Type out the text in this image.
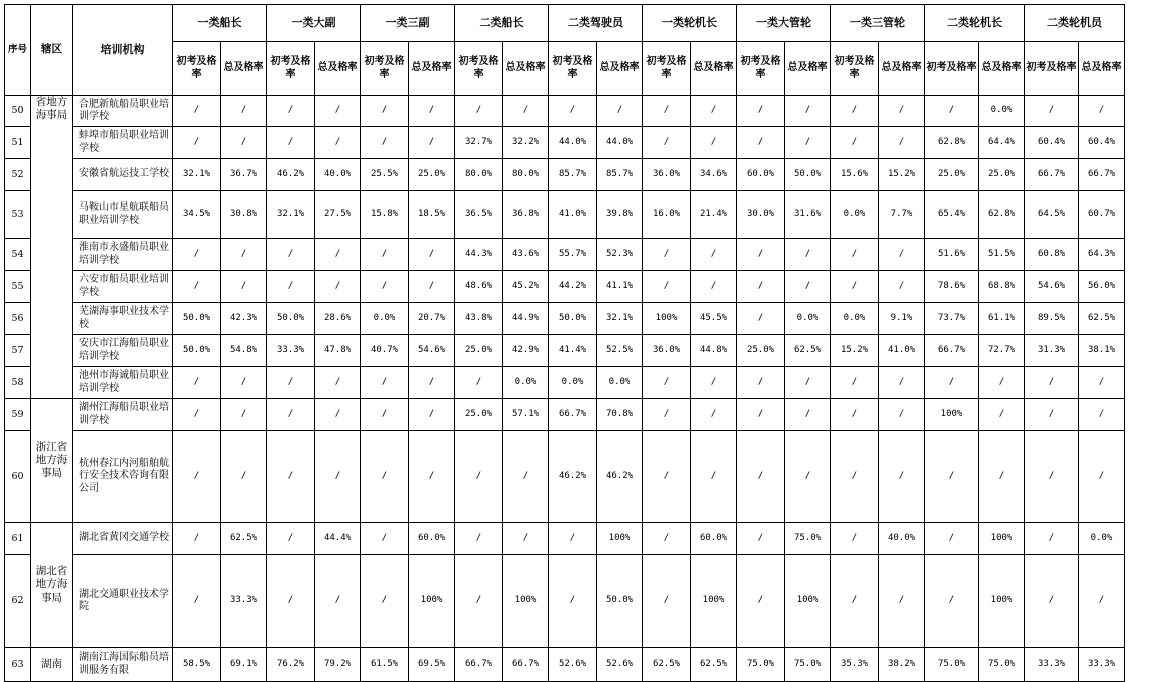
序号	辖区	培训机构	一类船长		一类大副		一类三副		二类船长		二类驾驶员		一类轮机长		一类大管轮		一类三管轮		二类轮机长		二类轮机员	
			初考及格率	总及格率	初考及格率	总及格率	初考及格率	总及格率	初考及格率	总及格率	初考及格率	总及格率	初考及格率	总及格率	初考及格率	总及格率	初考及格率	总及格率	初考及格率	总及格率	初考及格率	总及格率
50	省地方海事局	合肥新航船员职业培训学校	/	/	/	/	/	/	/	/	/	/	/	/	/	/	/	/	/	0.0%	/	/
51		蚌埠市船员职业培训学校	/	/	/	/	/	/	32.7%	32.2%	44.0%	44.0%	/	/	/	/	/	/	62.8%	64.4%	60.4%	60.4%
52		安徽省航运技工学校	32.1%	36.7%	46.2%	40.0%	25.5%	25.0%	80.0%	80.0%	85.7%	85.7%	36.0%	34.6%	60.0%	50.0%	15.6%	15.2%	25.0%	25.0%	66.7%	66.7%
53		马鞍山市星航联船员职业培训学校	34.5%	30.8%	32.1%	27.5%	15.8%	18.5%	36.5%	36.8%	41.0%	39.8%	16.0%	21.4%	30.0%	31.6%	0.0%	7.7%	65.4%	62.8%	64.5%	60.7%
54		淮南市永盛船员职业培训学校	/	/	/	/	/	/	44.3%	43.6%	55.7%	52.3%	/	/	/	/	/	/	51.6%	51.5%	60.8%	64.3%
55		六安市船员职业培训学校	/	/	/	/	/	/	48.6%	45.2%	44.2%	41.1%	/	/	/	/	/	/	78.6%	68.8%	54.6%	56.0%
56		芜湖海事职业技术学校	50.0%	42.3%	50.0%	28.6%	0.0%	20.7%	43.8%	44.9%	50.0%	32.1%	100%	45.5%	/	0.0%	0.0%	9.1%	73.7%	61.1%	89.5%	62.5%
57		安庆市江海船员职业培训学校	50.0%	54.8%	33.3%	47.8%	40.7%	54.6%	25.0%	42.9%	41.4%	52.5%	36.0%	44.8%	25.0%	62.5%	15.2%	41.0%	66.7%	72.7%	31.3%	38.1%
58		池州市海诚船员职业培训学校	/	/	/	/	/	/	/	0.0%	0.0%	0.0%	/	/	/	/	/	/	/	/	/	/
59	浙江省地方海事局	湖州江海船员职业培训学校	/	/	/	/	/	/	25.0%	57.1%	66.7%	70.8%	/	/	/	/	/	/	100%	/	/	/
60		杭州春江内河船舶航行安全技术咨询有限公司	/	/	/	/	/	/	/	/	46.2%	46.2%	/	/	/	/	/	/	/	/	/	/
61	湖北省地方海事局	湖北省黄冈交通学校	/	62.5%	/	44.4%	/	60.0%	/	/	/	100%	/	60.0%	/	75.0%	/	40.0%	/	100%	/	0.0%
62		湖北交通职业技术学院	/	33.3%	/	/	/	100%	/	100%	/	50.0%	/	100%	/	100%	/	/	/	100%	/	/
63	湖南	湖南江海国际船员培训服务有限	58.5%	69.1%	76.2%	79.2%	61.5%	69.5%	66.7%	66.7%	52.6%	52.6%	62.5%	62.5%	75.0%	75.0%	35.3%	38.2%	75.0%	75.0%	33.3%	33.3%
